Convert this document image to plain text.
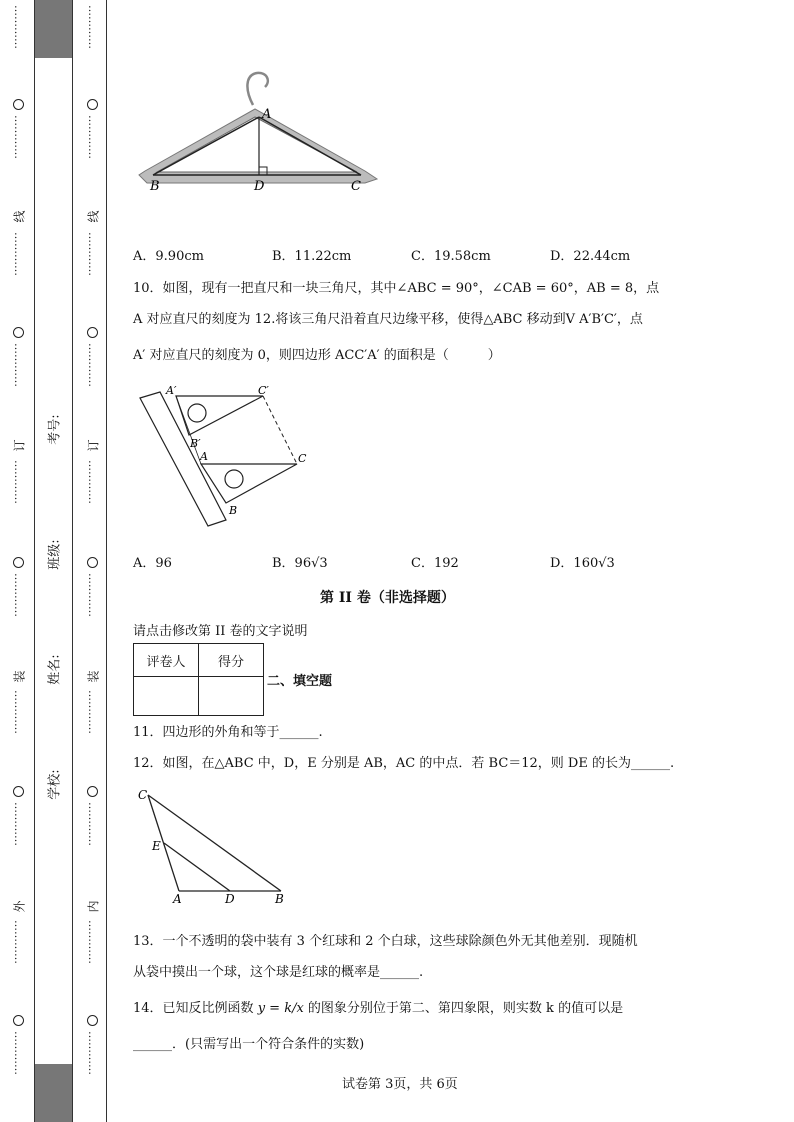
…………
…………
线
…………
…………
订
…………
…………
装
…………
…………
外
…………
…………
考号:
班级:
姓名:
学校:
…………
…………
线
…………
…………
订
…………
…………
装
…………
…………
内
…………
…………
A
B	D	C
A．9.90cm	B．11.22cm	C．19.58cm	D．22.44cm
10．如图，现有一把直尺和一块三角尺，其中∠ABC = 90°，∠CAB = 60°，AB = 8，点
A 对应直尺的刻度为 12.将该三角尺沿着直尺边缘平移，使得△ABC 移动到V A′B′C′，点
A′ 对应直尺的刻度为 0，则四边形 ACC′A′ 的面积是（　　　）
A′	C′
B′
A	C
B
A．96	B．96√3	C．192	D．160√3
第 II 卷（非选择题）
请点击修改第 II 卷的文字说明
评卷人	得分

二、填空题
11．四边形的外角和等于______.
12．如图，在△ABC 中，D，E 分别是 AB，AC 的中点．若 BC＝12，则 DE 的长为______.
C
E
A	D	B
13．一个不透明的袋中装有 3 个红球和 2 个白球，这些球除颜色外无其他差别．现随机
从袋中摸出一个球，这个球是红球的概率是______.
14．已知反比例函数 y = k/x 的图象分别位于第二、第四象限，则实数 k 的值可以是
______．(只需写出一个符合条件的实数)
试卷第 3页，共 6页
